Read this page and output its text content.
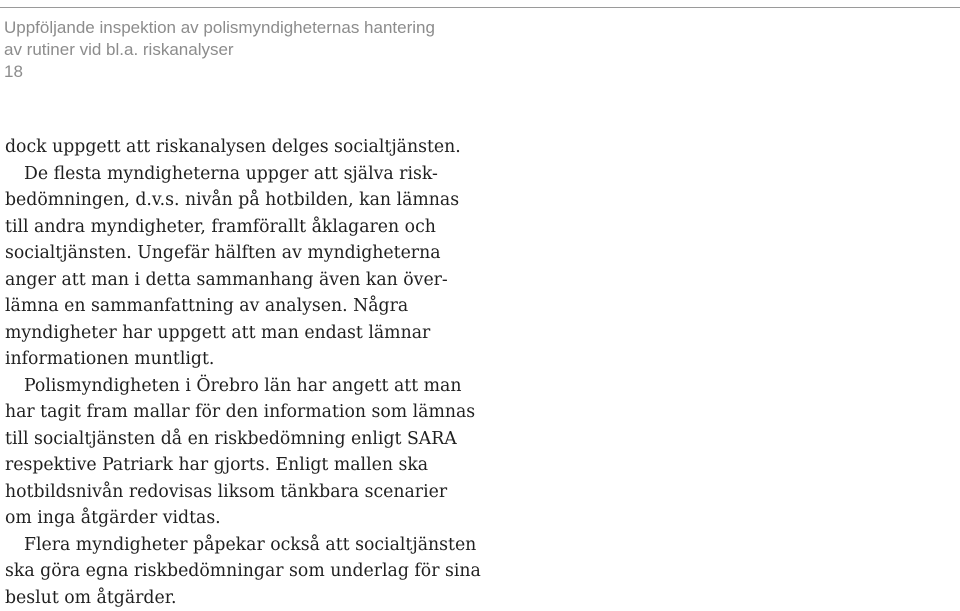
Uppföljande inspektion av polismyndigheternas hantering
av rutiner vid bl.a. riskanalyser
18
dock uppgett att riskanalysen delges socialtjänsten.
De flesta myndigheterna uppger att själva risk-
bedömningen, d.v.s. nivån på hotbilden, kan lämnas
till andra myndigheter, framförallt åklagaren och
socialtjänsten. Ungefär hälften av myndigheterna
anger att man i detta sammanhang även kan över-
lämna en sammanfattning av analysen. Några
myndigheter har uppgett att man endast lämnar
informationen muntligt.
Polismyndigheten i Örebro län har angett att man
har tagit fram mallar för den information som lämnas
till socialtjänsten då en riskbedömning enligt SARA
respektive Patriark har gjorts. Enligt mallen ska
hotbildsnivån redovisas liksom tänkbara scenarier
om inga åtgärder vidtas.
Flera myndigheter påpekar också att socialtjänsten
ska göra egna riskbedömningar som underlag för sina
beslut om åtgärder.
